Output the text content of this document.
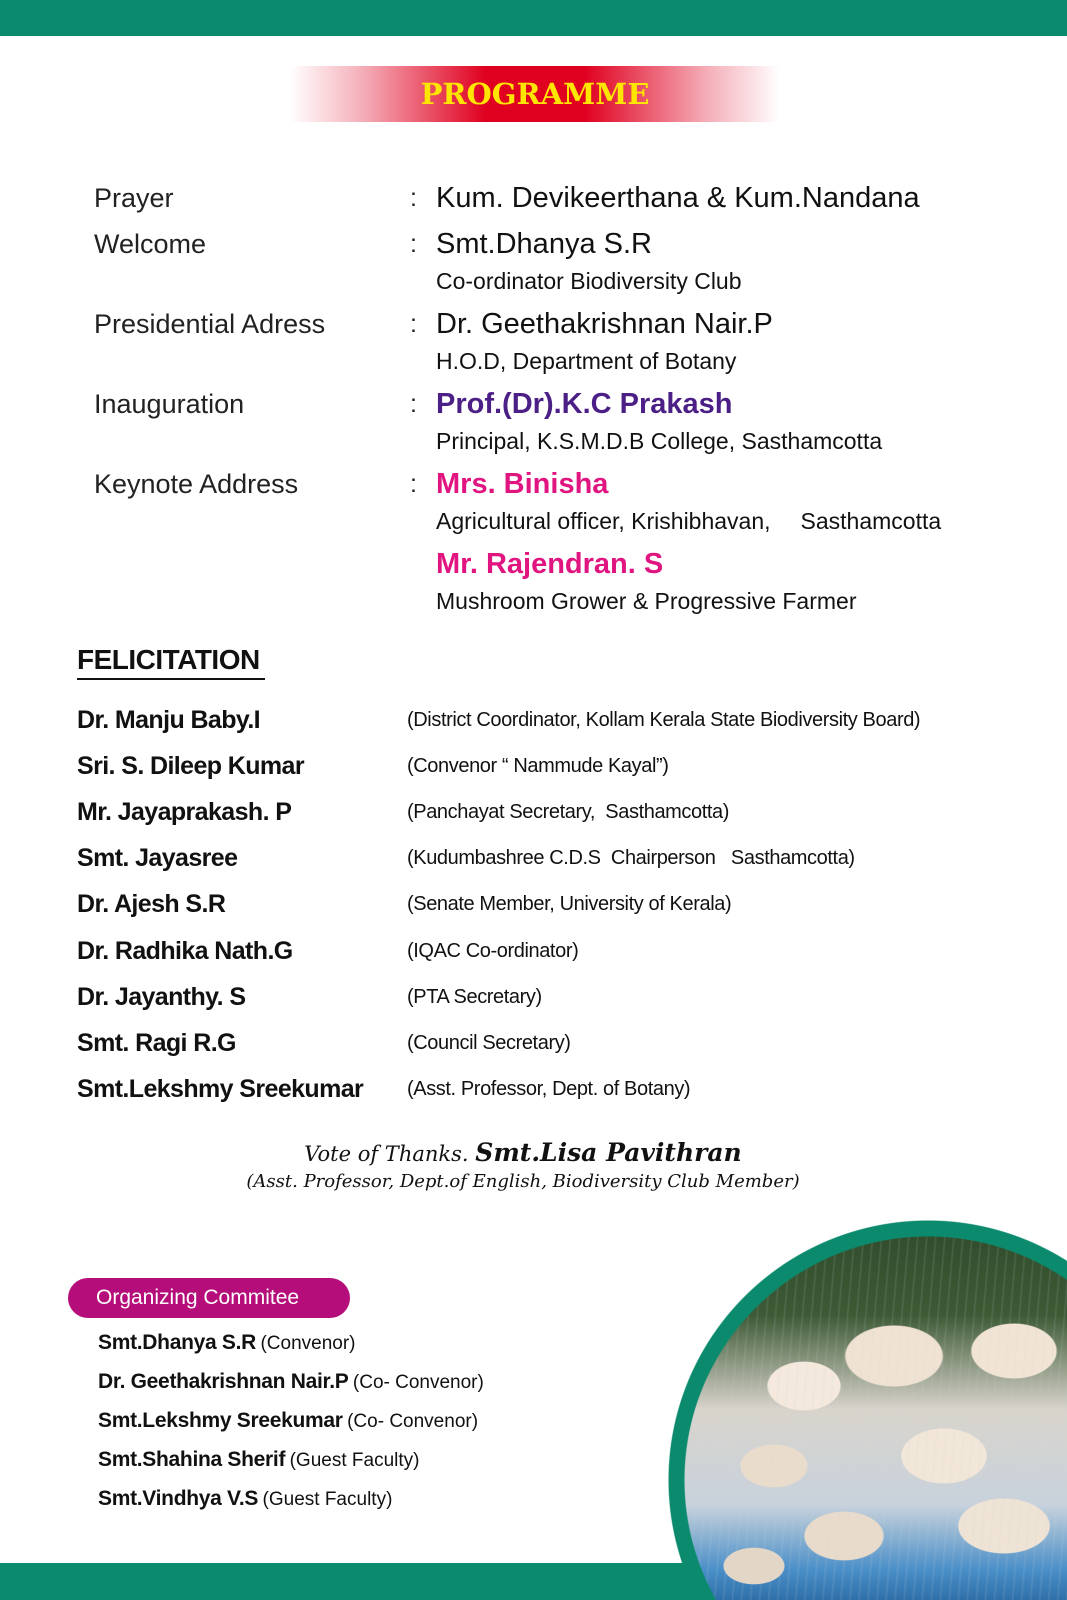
PROGRAMME
Prayer	: Kum. Devikeerthana & Kum.Nandana
Welcome	: Smt.Dhanya S.R
Co-ordinator Biodiversity Club
Presidential Adress	: Dr. Geethakrishnan Nair.P
H.O.D, Department of Botany
Inauguration	: Prof.(Dr).K.C Prakash
Principal, K.S.M.D.B College, Sasthamcotta
Keynote Address	: Mrs. Binisha
Agricultural officer, Krishibhavan, Sasthamcotta
Mr. Rajendran. S
Mushroom Grower & Progressive Farmer
FELICITATION
Dr. Manju Baby.I	(District Coordinator, Kollam Kerala State Biodiversity Board)
Sri. S. Dileep Kumar	(Convenor “ Nammude Kayal”)
Mr. Jayaprakash. P	(Panchayat Secretary,  Sasthamcotta)
Smt. Jayasree	(Kudumbashree C.D.S  Chairperson   Sasthamcotta)
Dr. Ajesh S.R	(Senate Member, University of Kerala)
Dr. Radhika Nath.G	(IQAC Co-ordinator)
Dr. Jayanthy. S	(PTA Secretary)
Smt. Ragi R.G	(Council Secretary)
Smt.Lekshmy Sreekumar	(Asst. Professor, Dept. of Botany)
Vote of Thanks. Smt.Lisa Pavithran
(Asst. Professor, Dept.of English, Biodiversity Club Member)
Organizing Commitee
Smt.Dhanya S.R (Convenor)
Dr. Geethakrishnan Nair.P (Co- Convenor)
Smt.Lekshmy Sreekumar (Co- Convenor)
Smt.Shahina Sherif (Guest Faculty)
Smt.Vindhya V.S (Guest Faculty)
